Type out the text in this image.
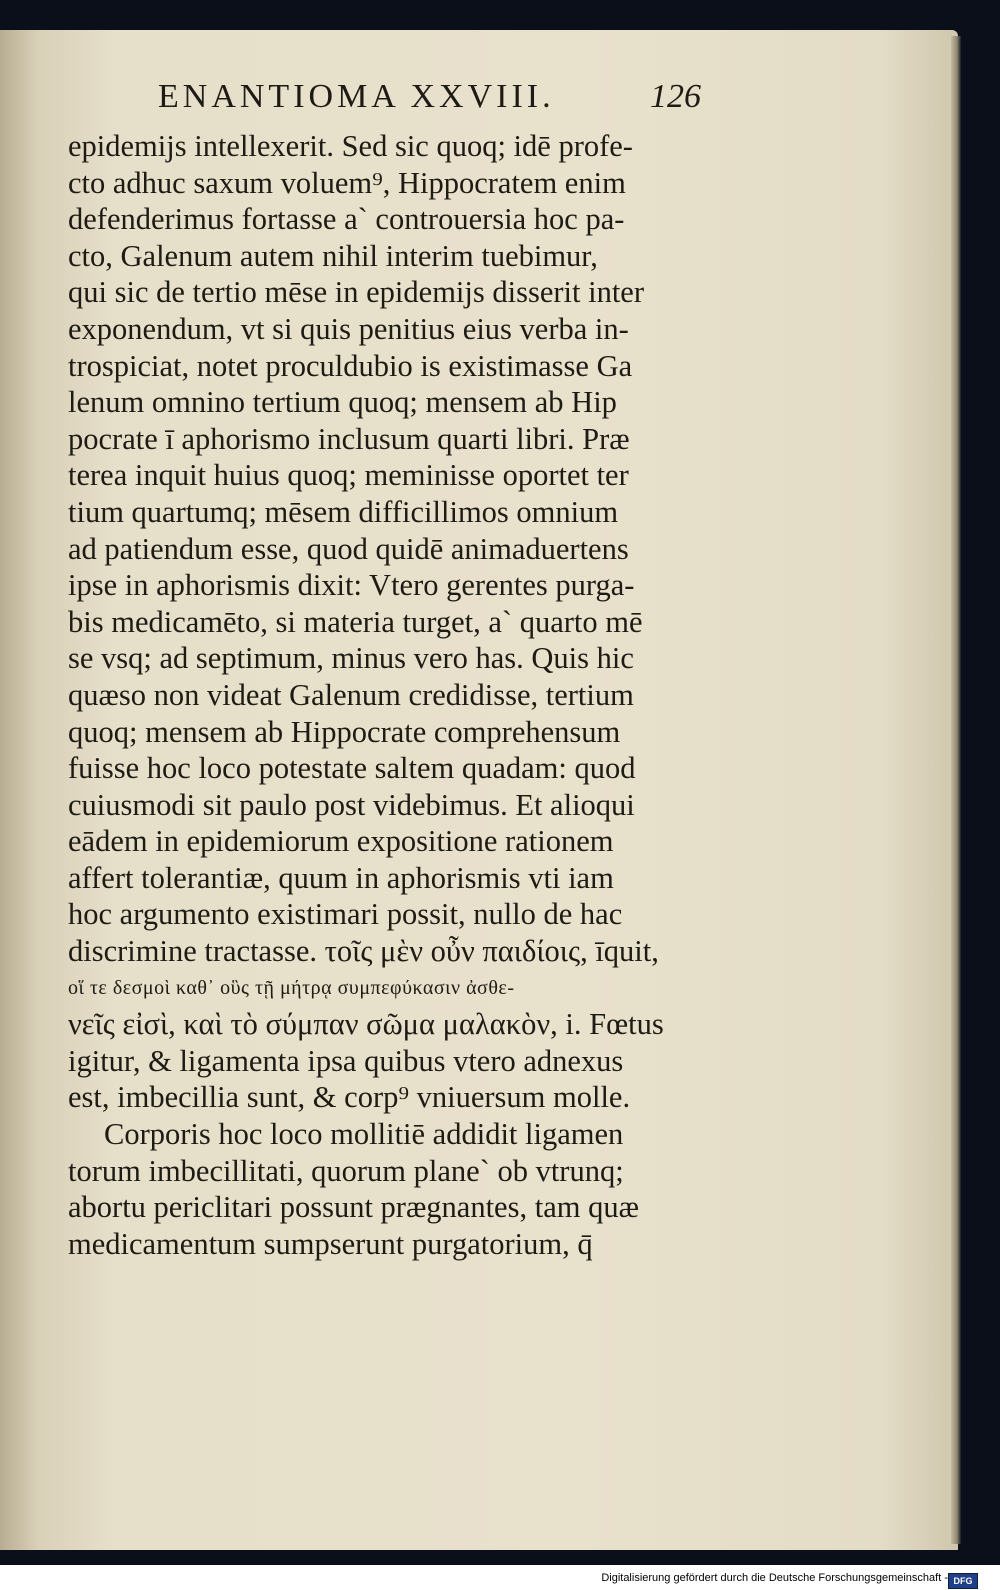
ENANTIOMA XXVIII.	126
epidemijs intellexerit. Sed sic quoq; idē profe-
cto adhuc saxum voluem⁹, Hippocratem enim
defenderimus fortasse a` controuersia hoc pa-
cto, Galenum autem nihil interim tuebimur,
qui sic de tertio mēse in epidemijs disserit inter
exponendum, vt si quis penitius eius verba in-
trospiciat, notet proculdubio is existimasse Ga
lenum omnino tertium quoq; mensem ab Hip
pocrate ī aphorismo inclusum quarti libri. Præ
terea inquit huius quoq; meminisse oportet ter
tium quartumq; mēsem difficillimos omnium
ad patiendum esse, quod quidē animaduertens
ipse in aphorismis dixit: Vtero gerentes purga-
bis medicamēto, si materia turget, a` quarto mē
se vsq; ad septimum, minus vero has. Quis hic
quæso non videat Galenum credidisse, tertium
quoq; mensem ab Hippocrate comprehensum
fuisse hoc loco potestate saltem quadam: quod
cuiusmodi sit paulo post videbimus. Et alioqui
eādem in epidemiorum expositione rationem
affert tolerantiæ, quum in aphorismis vti iam
hoc argumento existimari possit, nullo de hac
discrimine tractasse. τοῖς μὲν οὖν παιδίοις, īquit,
οἵ τε δεσμοὶ καθ᾽ οὓς τῇ μήτρᾳ συμπεφύκασιν ἀσθε-
νεῖς εἰσὶ, καὶ τὸ σύμπαν σῶμα μαλακὸν, i. Fœtus
igitur, & ligamenta ipsa quibus vtero adnexus
est, imbecillia sunt, & corp⁹ vniuersum molle.
Corporis hoc loco mollitiē addidit ligamen
torum imbecillitati, quorum plane` ob vtrunq;
abortu periclitari possunt prægnantes, tam quæ
medicamentum sumpserunt purgatorium, q̄
Digitalisierung gefördert durch die Deutsche Forschungsgemeinschaft - DFG
